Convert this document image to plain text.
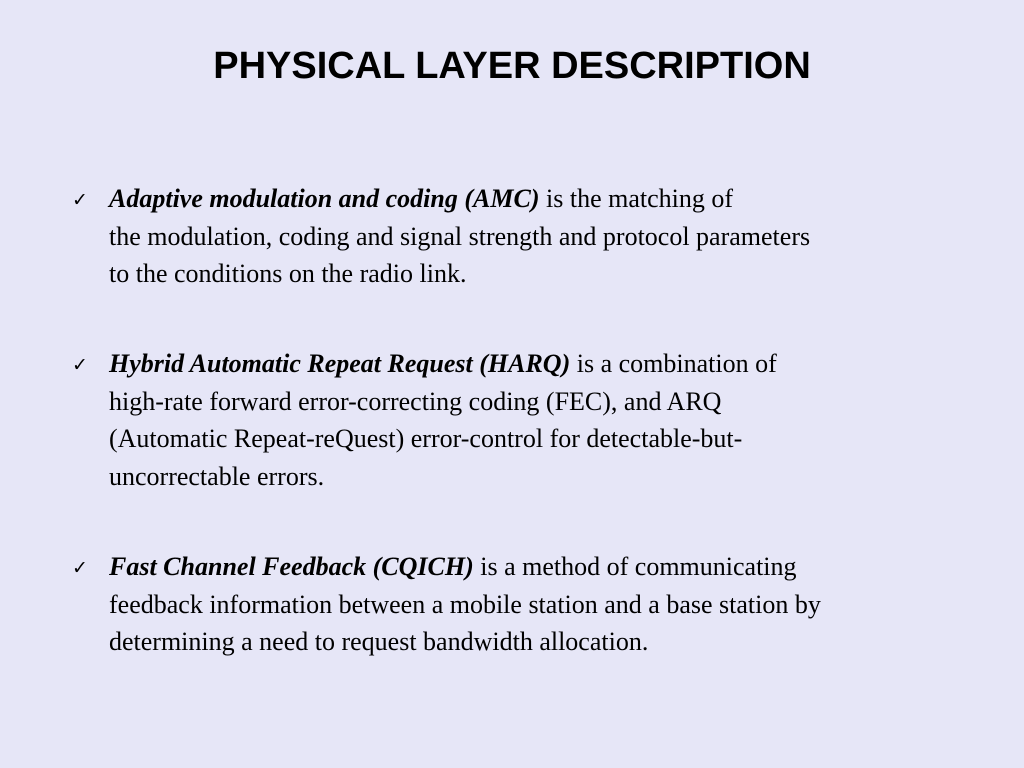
PHYSICAL LAYER DESCRIPTION
✓ Adaptive modulation and coding (AMC) is the matching of
the modulation, coding and signal strength and protocol parameters
to the conditions on the radio link.
✓ Hybrid Automatic Repeat Request (HARQ) is a combination of
high-rate forward error-correcting coding (FEC), and ARQ
(Automatic Repeat-reQuest) error-control for detectable-but-
uncorrectable errors.
✓ Fast Channel Feedback (CQICH) is a method of communicating
feedback information between a mobile station and a base station by
determining a need to request bandwidth allocation.
